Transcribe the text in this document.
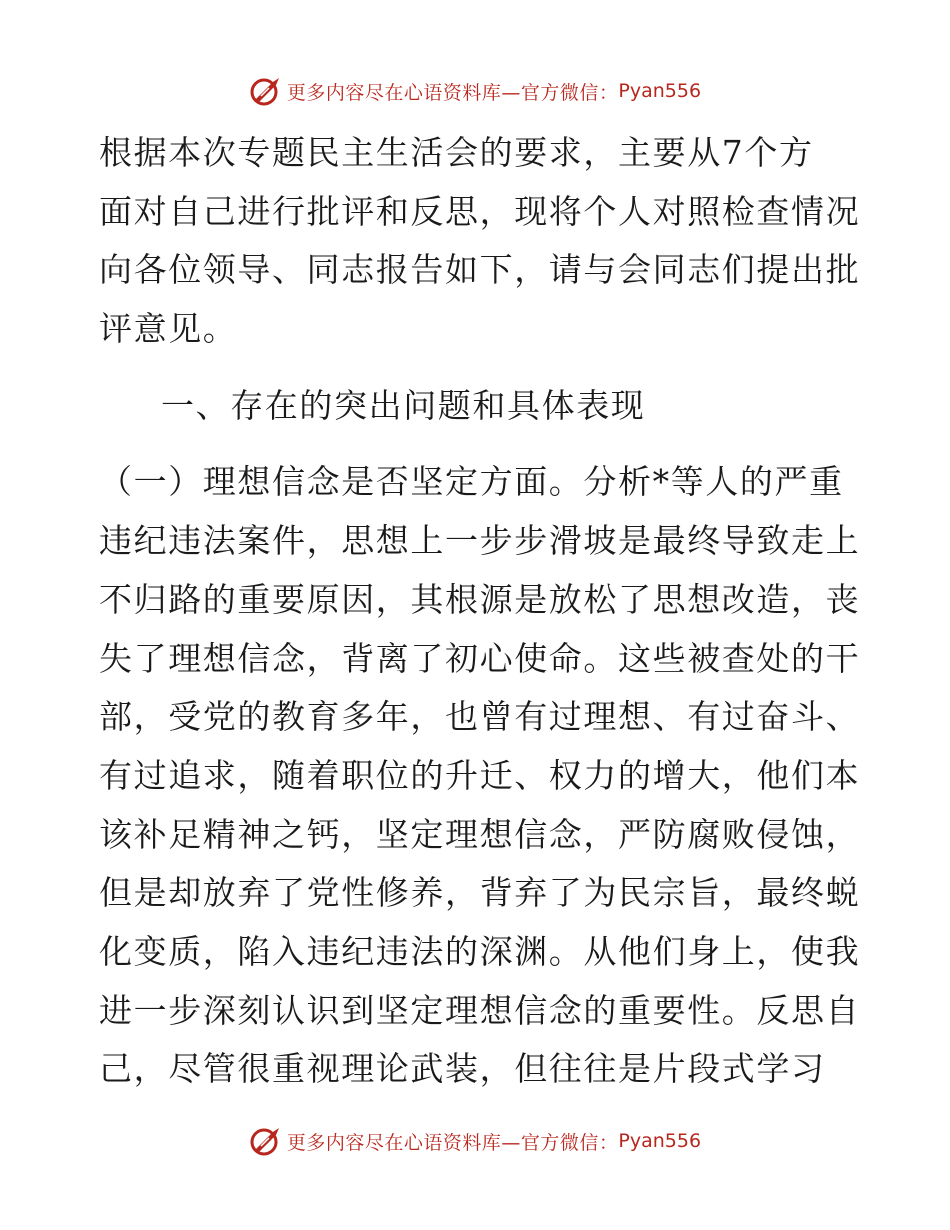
更多内容尽在心语资料库—官方微信： Pyan556
根据本次专题民主生活会的要求，主要从7个方
面对自己进行批评和反思，现将个人对照检查情况
向各位领导、同志报告如下，请与会同志们提出批
评意见。
一、存在的突出问题和具体表现
（一）理想信念是否坚定方面。分析*等人的严重
违纪违法案件，思想上一步步滑坡是最终导致走上
不归路的重要原因，其根源是放松了思想改造，丧
失了理想信念，背离了初心使命。这些被查处的干
部，受党的教育多年，也曾有过理想、有过奋斗、
有过追求，随着职位的升迁、权力的增大，他们本
该补足精神之钙，坚定理想信念，严防腐败侵蚀，
但是却放弃了党性修养，背弃了为民宗旨，最终蜕
化变质，陷入违纪违法的深渊。从他们身上，使我
进一步深刻认识到坚定理想信念的重要性。反思自
己，尽管很重视理论武装，但往往是片段式学习
更多内容尽在心语资料库—官方微信： Pyan556
